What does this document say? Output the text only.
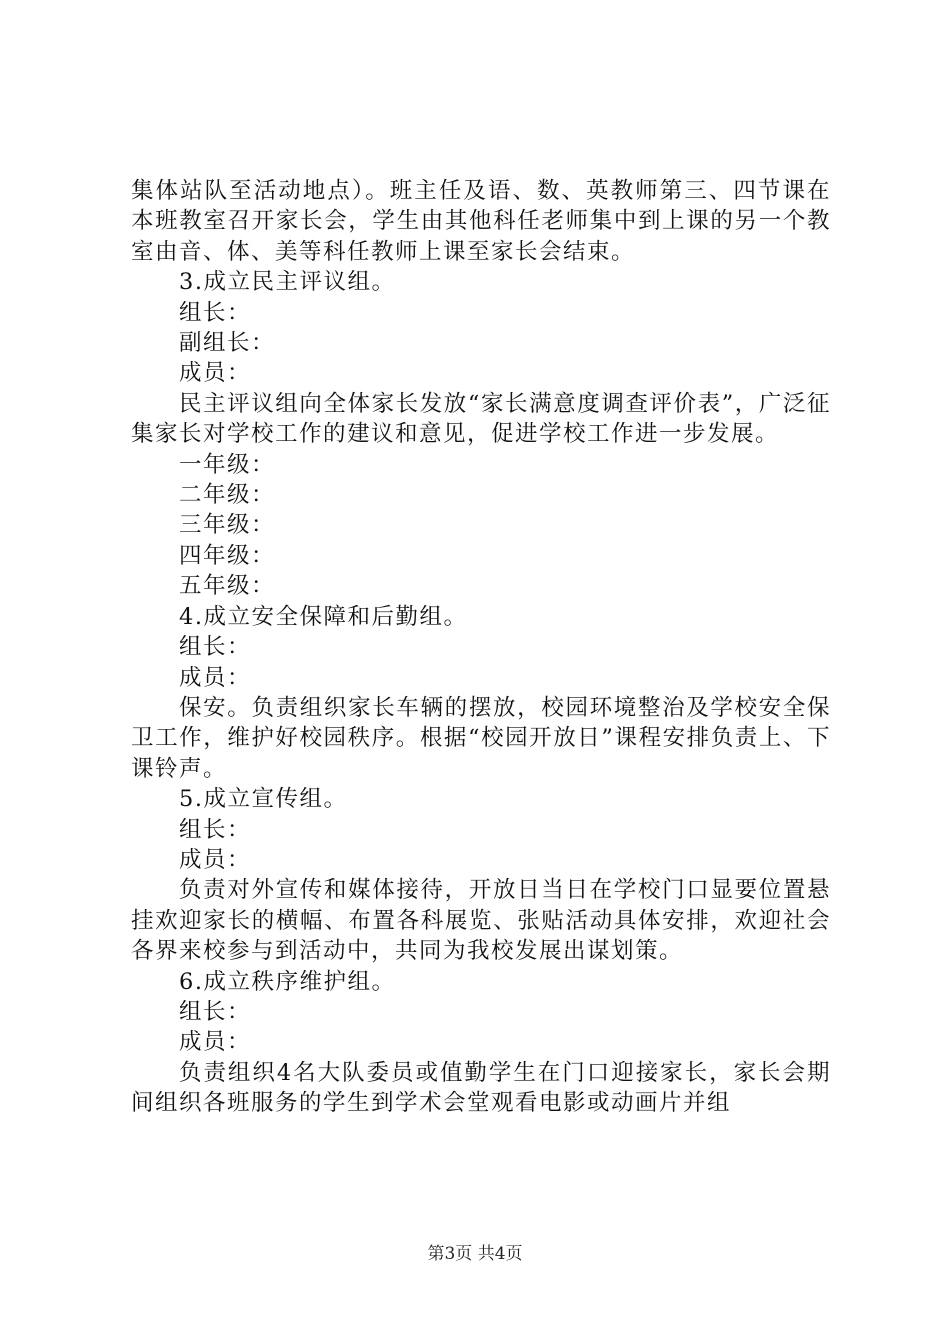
集体站队至活动地点）。班主任及语、数、英教师第三、四节课在本班教室召开家长会，学生由其他科任老师集中到上课的另一个教室由音、体、美等科任教师上课至家长会结束。

3.成立民主评议组。

组长：

副组长：

成员：

民主评议组向全体家长发放“家长满意度调查评价表”，广泛征集家长对学校工作的建议和意见，促进学校工作进一步发展。

一年级：

二年级：

三年级：

四年级：

五年级：

4.成立安全保障和后勤组。

组长：

成员：

保安。负责组织家长车辆的摆放，校园环境整治及学校安全保卫工作，维护好校园秩序。根据“校园开放日”课程安排负责上、下课铃声。

5.成立宣传组。

组长：

成员：

负责对外宣传和媒体接待，开放日当日在学校门口显要位置悬挂欢迎家长的横幅、布置各科展览、张贴活动具体安排，欢迎社会各界来校参与到活动中，共同为我校发展出谋划策。

6.成立秩序维护组。

组长：

成员：

负责组织4名大队委员或值勤学生在门口迎接家长，家长会期间组织各班服务的学生到学术会堂观看电影或动画片并组

第3页 共4页
